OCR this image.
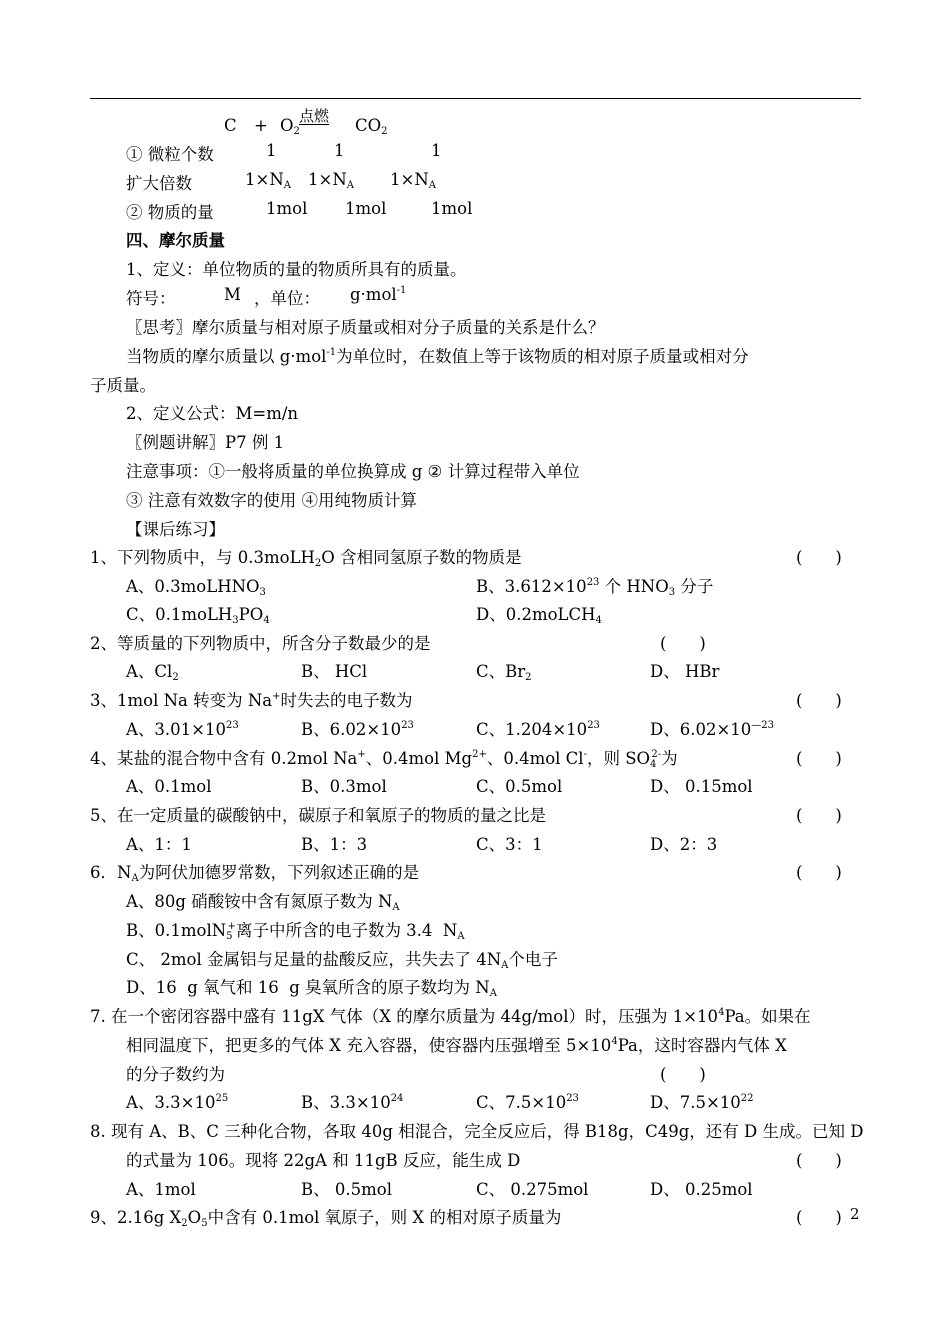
C + O2
点燃 CO2
① 微粒个数	1	1	1
扩大倍数	1×NA 1×NA 1×NA
② 物质的量	1mol 1mol	1mol
四、摩尔质量
1、定义：单位物质的量的物质所具有的质量。
符号：	M ，单位： g·mol$^{-1}$
〖思考〗摩尔质量与相对原子质量或相对分子质量的关系是什么？
当物质的摩尔质量以 g·mol$^{-1}$为单位时，在数值上等于该物质的相对原子质量或相对分
子质量。
2、定义公式：M=m/n
〖例题讲解〗P7 例 1
注意事项：①一般将质量的单位换算成 g ② 计算过程带入单位
③ 注意有效数字的使用 ④用纯物质计算
【课后练习】
1、下列物质中，与 0.3moLH2O 含相同氢原子数的物质是	(　　)
A、0.3moLHNO3	B、$3.612\times 10^{23}$ 个 HNO3 分子
C、0.1moLH3PO4	D、0.2moLCH4
2、等质量的下列物质中，所含分子数最少的是	(　　)
A、Cl2	B、 HCl	C、Br2	D、 HBr
3、1mol Na 转变为 Na+时失去的电子数为	(　　)
A、$3.01\times 10^{23}$	B、$6.02\times 10^{23}$	C、$1.204\times 10^{23}$	D、$6.02\times 10^{—23}$
4、某盐的混合物中含有 0.2mol Na+、0.4mol $Mg^{2+}$、0.4mol Cl-，则 $SO4^{2-}$为	(　　)
A、0.1mol	B、0.3mol	C、0.5mol	D、 0.15mol
5、在一定质量的碳酸钠中，碳原子和氧原子的物质的量之比是	(　　)
A、1：1	B、1：3	C、3：1	D、2：3
6．NA为阿伏加德罗常数，下列叙述正确的是	(　　)
A、80g 硝酸铵中含有氮原子数为 NA
B、0.1molN5+离子中所含的电子数为 3.4  NA
C、 2mol 金属铝与足量的盐酸反应，共失去了 4NA个电子
D、16  g 氧气和 16  g 臭氧所含的原子数均为 NA
7. 在一个密闭容器中盛有 11gX 气体（X 的摩尔质量为 44g/mol）时，压强为 $1\times 10^4Pa$。如果在
相同温度下，把更多的气体 X 充入容器，使容器内压强增至 $5\times 10^4Pa$，这时容器内气体 X
的分子数约为	(　　)
A、$3.3\times 10^{25}$	B、$3.3\times 10^{24}$	C、$7.5\times 10^{23}$	D、$7.5\times 10^{22}$
8. 现有 A、B、C 三种化合物，各取 40g 相混合，完全反应后，得 B18g，C49g，还有 D 生成。已知 D
的式量为 106。现将 22gA 和 11gB 反应，能生成 D	(　　)
A、1mol	B、 0.5mol	C、 0.275mol	D、 0.25mol
9、2.16g X2O5中含有 0.1mol 氧原子，则 X 的相对原子质量为	(　　) 2
